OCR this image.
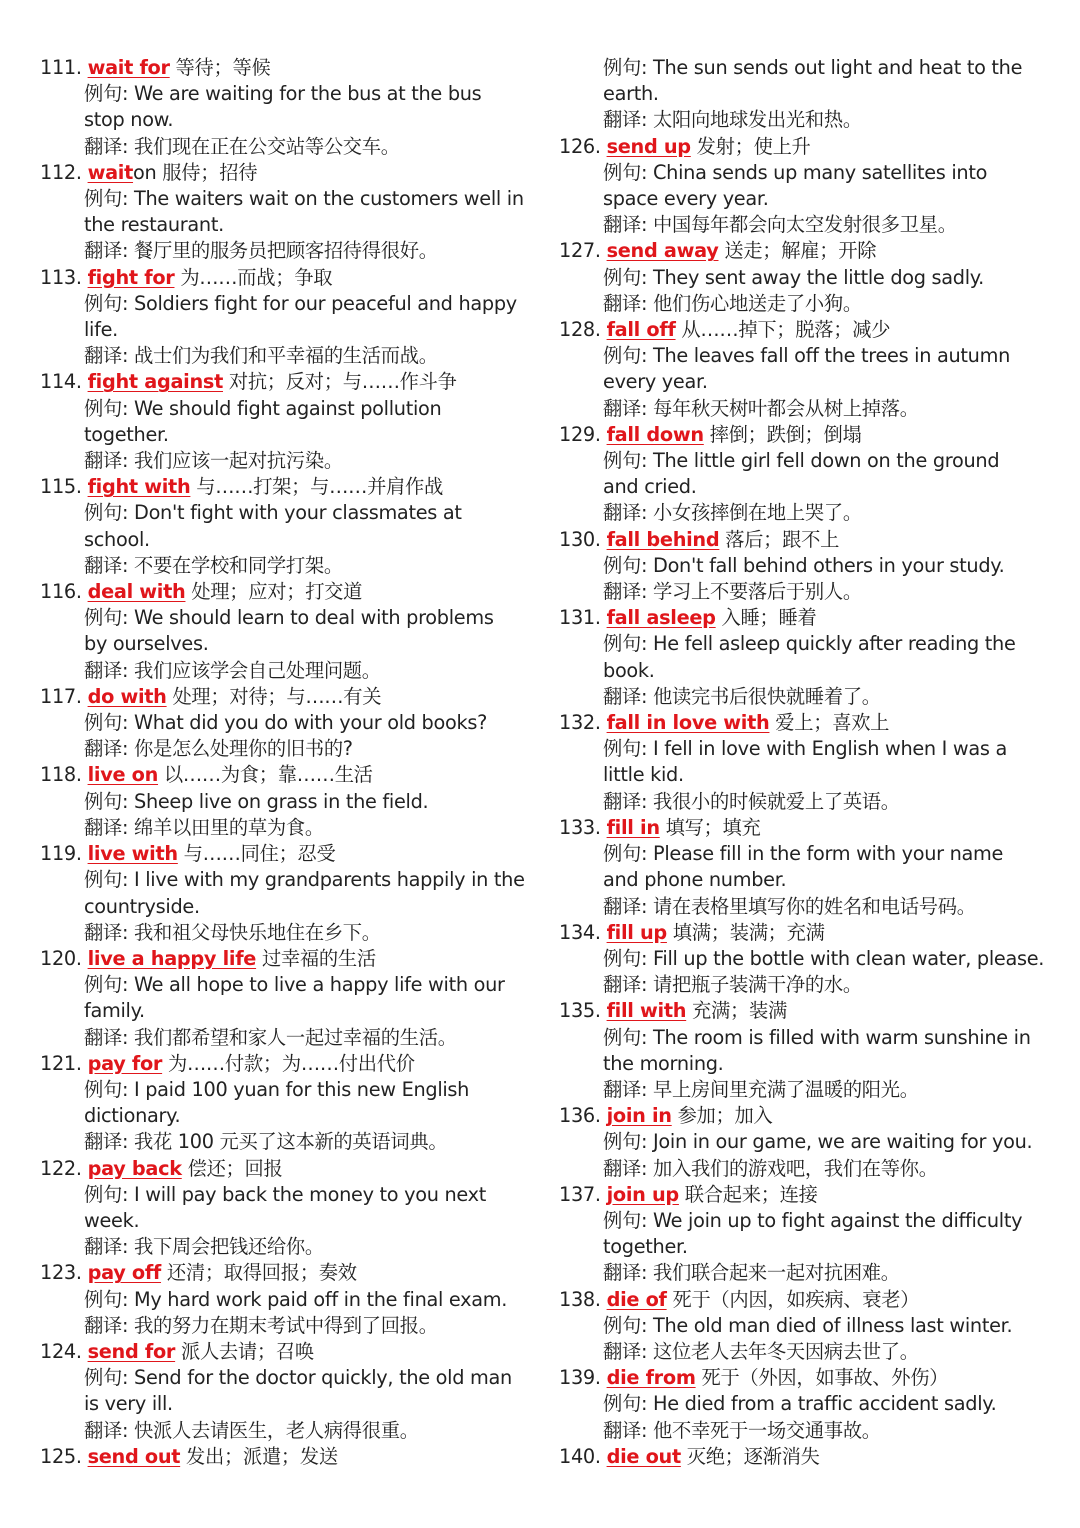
111. wait for 等待；等候
例句: We are waiting for the bus at the bus
stop now.
翻译: 我们现在正在公交站等公交车。
112. waiton 服侍；招待
例句: The waiters wait on the customers well in
the restaurant.
翻译: 餐厅里的服务员把顾客招待得很好。
113. fight for 为……而战；争取
例句: Soldiers fight for our peaceful and happy
life.
翻译: 战士们为我们和平幸福的生活而战。
114. fight against 对抗；反对；与……作斗争
例句: We should fight against pollution
together.
翻译: 我们应该一起对抗污染。
115. fight with 与……打架；与……并肩作战
例句: Don't fight with your classmates at
school.
翻译: 不要在学校和同学打架。
116. deal with 处理；应对；打交道
例句: We should learn to deal with problems
by ourselves.
翻译: 我们应该学会自己处理问题。
117. do with 处理；对待；与……有关
例句: What did you do with your old books?
翻译: 你是怎么处理你的旧书的?
118. live on 以……为食；靠……生活
例句: Sheep live on grass in the field.
翻译: 绵羊以田里的草为食。
119. live with 与……同住；忍受
例句: I live with my grandparents happily in the
countryside.
翻译: 我和祖父母快乐地住在乡下。
120. live a happy life 过幸福的生活
例句: We all hope to live a happy life with our
family.
翻译: 我们都希望和家人一起过幸福的生活。
121. pay for 为……付款；为……付出代价
例句: I paid 100 yuan for this new English
dictionary.
翻译: 我花 100 元买了这本新的英语词典。
122. pay back 偿还；回报
例句: I will pay back the money to you next
week.
翻译: 我下周会把钱还给你。
123. pay off 还清；取得回报；奏效
例句: My hard work paid off in the final exam.
翻译: 我的努力在期末考试中得到了回报。
124. send for 派人去请；召唤
例句: Send for the doctor quickly, the old man
is very ill.
翻译: 快派人去请医生，老人病得很重。
125. send out 发出；派遣；发送
例句: The sun sends out light and heat to the
earth.
翻译: 太阳向地球发出光和热。
126. send up 发射；使上升
例句: China sends up many satellites into
space every year.
翻译: 中国每年都会向太空发射很多卫星。
127. send away 送走；解雇；开除
例句: They sent away the little dog sadly.
翻译: 他们伤心地送走了小狗。
128. fall off 从……掉下；脱落；减少
例句: The leaves fall off the trees in autumn
every year.
翻译: 每年秋天树叶都会从树上掉落。
129. fall down 摔倒；跌倒；倒塌
例句: The little girl fell down on the ground
and cried.
翻译: 小女孩摔倒在地上哭了。
130. fall behind 落后；跟不上
例句: Don't fall behind others in your study.
翻译: 学习上不要落后于别人。
131. fall asleep 入睡；睡着
例句: He fell asleep quickly after reading the
book.
翻译: 他读完书后很快就睡着了。
132. fall in love with 爱上；喜欢上
例句: I fell in love with English when I was a
little kid.
翻译: 我很小的时候就爱上了英语。
133. fill in 填写；填充
例句: Please fill in the form with your name
and phone number.
翻译: 请在表格里填写你的姓名和电话号码。
134. fill up 填满；装满；充满
例句: Fill up the bottle with clean water, please.
翻译: 请把瓶子装满干净的水。
135. fill with 充满；装满
例句: The room is filled with warm sunshine in
the morning.
翻译: 早上房间里充满了温暖的阳光。
136. join in 参加；加入
例句: Join in our game, we are waiting for you.
翻译: 加入我们的游戏吧，我们在等你。
137. join up 联合起来；连接
例句: We join up to fight against the difficulty
together.
翻译: 我们联合起来一起对抗困难。
138. die of 死于（内因，如疾病、衰老）
例句: The old man died of illness last winter.
翻译: 这位老人去年冬天因病去世了。
139. die from 死于（外因，如事故、外伤）
例句: He died from a traffic accident sadly.
翻译: 他不幸死于一场交通事故。
140. die out 灭绝；逐渐消失
